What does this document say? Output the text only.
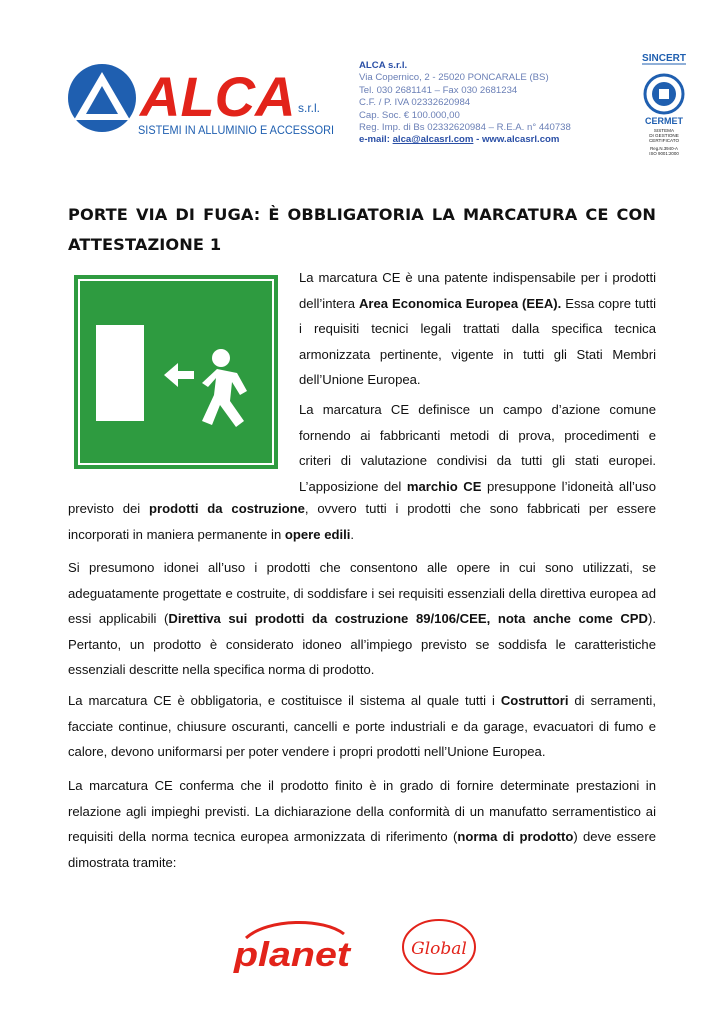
ALCA s.r.l.
SISTEMI IN ALLUMINIO E ACCESSORI
ALCA s.r.l.
Via Copernico, 2 - 25020 PONCARALE (BS)
Tel. 030 2681141 – Fax 030 2681234
C.F. / P. IVA 02332620984
Cap. Soc. € 100.000,00
Reg. Imp. di Bs 02332620984 – R.E.A. n° 440738
e-mail: alca@alcasrl.com - www.alcasrl.com
SINCERT
CERMET
SISTEMA
DI GESTIONE
CERTIFICATO
Reg.N.3940-A
ISO 9001:2000
PORTE VIA DI FUGA: È OBBLIGATORIA LA MARCATURA CE CON ATTESTAZIONE 1
La marcatura CE è una patente indispensabile per i prodotti
dell’intera Area Economica Europea (EEA). Essa copre tutti
i requisiti tecnici legali trattati dalla specifica tecnica
armonizzata pertinente, vigente in tutti gli Stati Membri
dell’Unione Europea.
La marcatura CE definisce un campo d’azione comune
fornendo ai fabbricanti metodi di prova, procedimenti e
criteri di valutazione condivisi da tutti gli stati europei.
L’apposizione del marchio CE presuppone l’idoneità all’uso
previsto dei prodotti da costruzione, ovvero tutti i prodotti che sono fabbricati per essere
incorporati in maniera permanente in opere edili.
Si presumono idonei all’uso i prodotti che consentono alle opere in cui sono utilizzati, se adeguatamente progettate e costruite, di soddisfare i sei requisiti essenziali della direttiva europea ad essi applicabili (Direttiva sui prodotti da costruzione 89/106/CEE, nota anche come CPD). Pertanto, un prodotto è considerato idoneo all’impiego previsto se soddisfa le caratteristiche essenziali descritte nella specifica norma di prodotto.
La marcatura CE è obbligatoria, e costituisce il sistema al quale tutti i Costruttori di serramenti, facciate continue, chiusure oscuranti, cancelli e porte industriali e da garage, evacuatori di fumo e calore, devono uniformarsi per poter vendere i propri prodotti nell’Unione Europea.
La marcatura CE conferma che il prodotto finito è in grado di fornire determinate prestazioni in relazione agli impieghi previsti. La dichiarazione della conformità di un manufatto serramentistico ai requisiti della norma tecnica europea armonizzata di riferimento (norma di prodotto) deve essere dimostrata tramite:
planet	Global
